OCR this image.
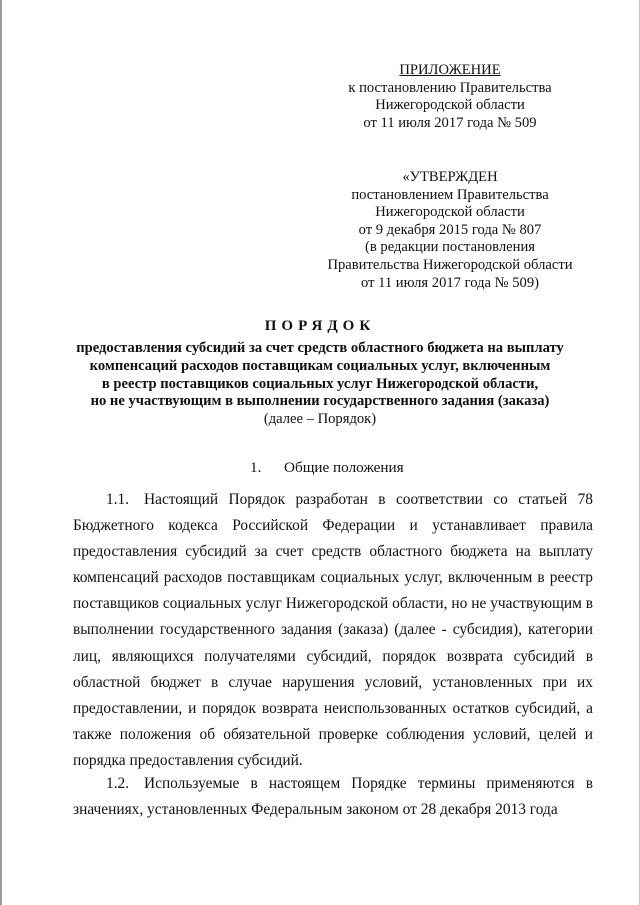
ПРИЛОЖЕНИЕ
к постановлению Правительства
Нижегородской области
от 11 июля 2017 года № 509
«УТВЕРЖДЕН
постановлением Правительства
Нижегородской области
от 9 декабря 2015 года № 807
(в редакции постановления
Правительства Нижегородской области
от 11 июля 2017 года № 509)
ПОРЯДОК
предоставления субсидий за счет средств областного бюджета на выплату
компенсаций расходов поставщикам социальных услуг, включенным
в реестр поставщиков социальных услуг Нижегородской области,
но не участвующим в выполнении государственного задания (заказа)
(далее – Порядок)
1. Общие положения
1.1. Настоящий Порядок разработан в соответствии со статьей 78
Бюджетного кодекса Российской Федерации и устанавливает правила
предоставления субсидий за счет средств областного бюджета на выплату
компенсаций расходов поставщикам социальных услуг, включенным в реестр
поставщиков социальных услуг Нижегородской области, но не участвующим в
выполнении государственного задания (заказа) (далее - субсидия), категории
лиц, являющихся получателями субсидий, порядок возврата субсидий в
областной бюджет в случае нарушения условий, установленных при их
предоставлении, и порядок возврата неиспользованных остатков субсидий, а
также положения об обязательной проверке соблюдения условий, целей и
порядка предоставления субсидий.
1.2. Используемые в настоящем Порядке термины применяются в
значениях, установленных Федеральным законом от 28 декабря 2013 года
